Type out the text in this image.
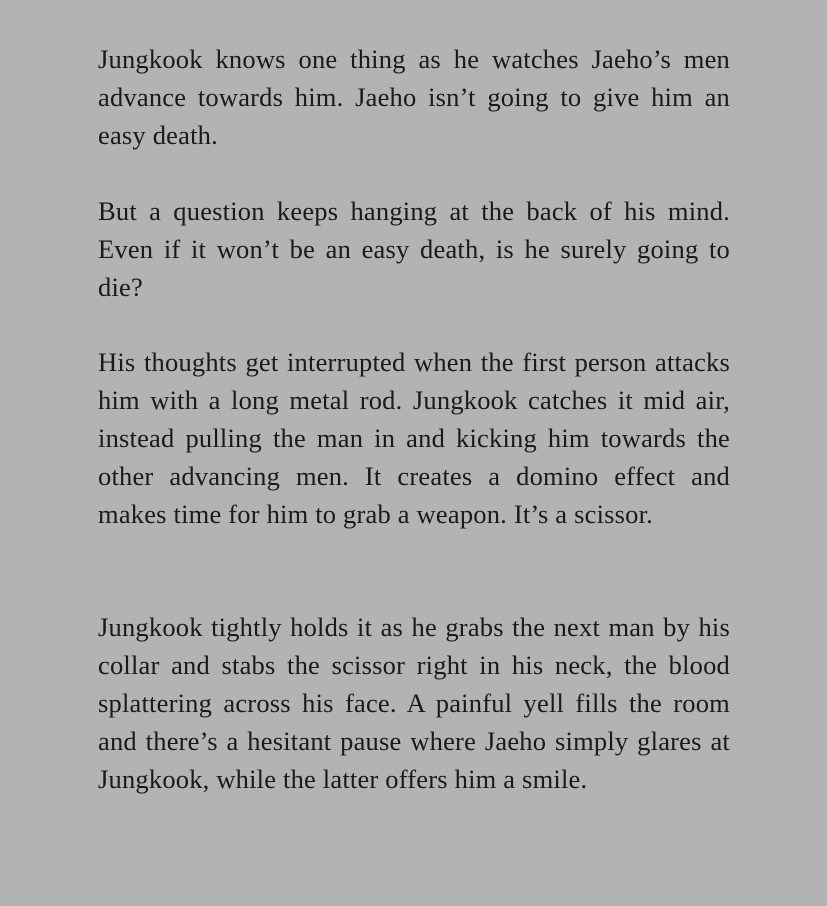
Jungkook knows one thing as he watches Jaeho’s men advance towards him. Jaeho isn’t going to give him an easy death.

But a question keeps hanging at the back of his mind. Even if it won’t be an easy death, is he surely going to die?

His thoughts get interrupted when the first person attacks him with a long metal rod. Jungkook catches it mid air, instead pulling the man in and kicking him towards the other advancing men. It creates a domino effect and makes time for him to grab a weapon. It’s a scissor.

Jungkook tightly holds it as he grabs the next man by his collar and stabs the scissor right in his neck, the blood splattering across his face. A painful yell fills the room and there’s a hesitant pause where Jaeho simply glares at Jungkook, while the latter offers him a smile.
